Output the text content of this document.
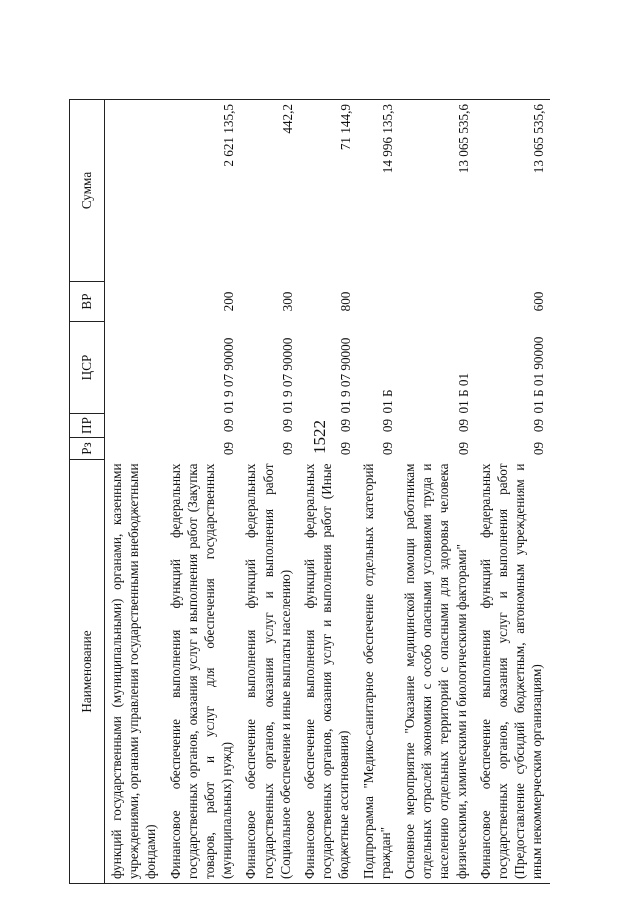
1522
Наименование	Рз	ПР	ЦСР	ВР	Сумма
функций государственными (муниципальными) органами, казенными учреждениями, органами управления государственными внебюджетными фондами)					
Финансовое обеспечение выполнения функций федеральных государственных органов, оказания услуг и выполнения работ (Закупка товаров, работ и услуг для обеспечения государственных (муниципальных) нужд)	09	09	01 9 07 90000	200	2 621 135,5
Финансовое обеспечение выполнения функций федеральных государственных органов, оказания услуг и выполнения работ (Социальное обеспечение и иные выплаты населению)	09	09	01 9 07 90000	300	442,2
Финансовое обеспечение выполнения функций федеральных государственных органов, оказания услуг и выполнения работ (Иные бюджетные ассигнования)	09	09	01 9 07 90000	800	71 144,9
Подпрограмма "Медико-санитарное обеспечение отдельных категорий граждан"	09	09	01 Б		14 996 135,3
Основное мероприятие "Оказание медицинской помощи работникам отдельных отраслей экономики с особо опасными условиями труда и населению отдельных территорий с опасными для здоровья человека физическими, химическими и биологическими факторами"	09	09	01 Б 01		13 065 535,6
Финансовое обеспечение выполнения функций федеральных государственных органов, оказания услуг и выполнения работ (Предоставление субсидий бюджетным, автономным учреждениям и иным некоммерческим организациям)	09	09	01 Б 01 90000	600	13 065 535,6
